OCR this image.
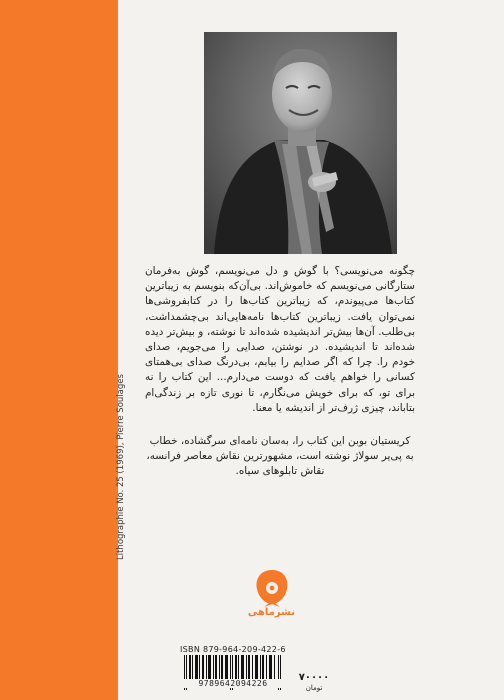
Lithographie No. 25 (1969), Pierre Soulages

چگونه می‌نویسی؟ با گوش و دل می‌نویسم، گوش به‌فرمان ستارگانی می‌نویسم که خاموش‌اند. بی‌آن‌که بنویسم به زیباترین کتاب‌ها می‌پیوندم، که زیباترین کتاب‌ها را در کتابفروشی‌ها نمی‌توان یافت. زیباترین کتاب‌ها نامه‌هایی‌اند بی‌چشمداشت، بی‌طلب. آن‌ها بیش‌تر اندیشیده شده‌اند تا نوشته، و بیش‌تر دیده شده‌اند تا اندیشیده. در نوشتن، صدایی را می‌جویم، صدای خودم را. چرا که اگر صدایم را بیابم، بی‌درنگ صدای بی‌همتای کسانی را خواهم یافت که دوست می‌دارم... این کتاب را نه برای تو، که برای خویش می‌نگارم، تا نوری تازه بر زندگی‌ام بتاباند، چیزی ژرف‌تر از اندیشه یا معنا.

کریستیان بوبن این کتاب را، به‌سان نامه‌ای سرگشاده، خطاب به پی‌یر سولاژ نوشته است، مشهورترین نقاش معاصر فرانسه، نقاش تابلوهای سیاه.

نشرماهی
ISBN 879-964-209-422-6
9789642094226
۷۰۰۰۰
تومان
